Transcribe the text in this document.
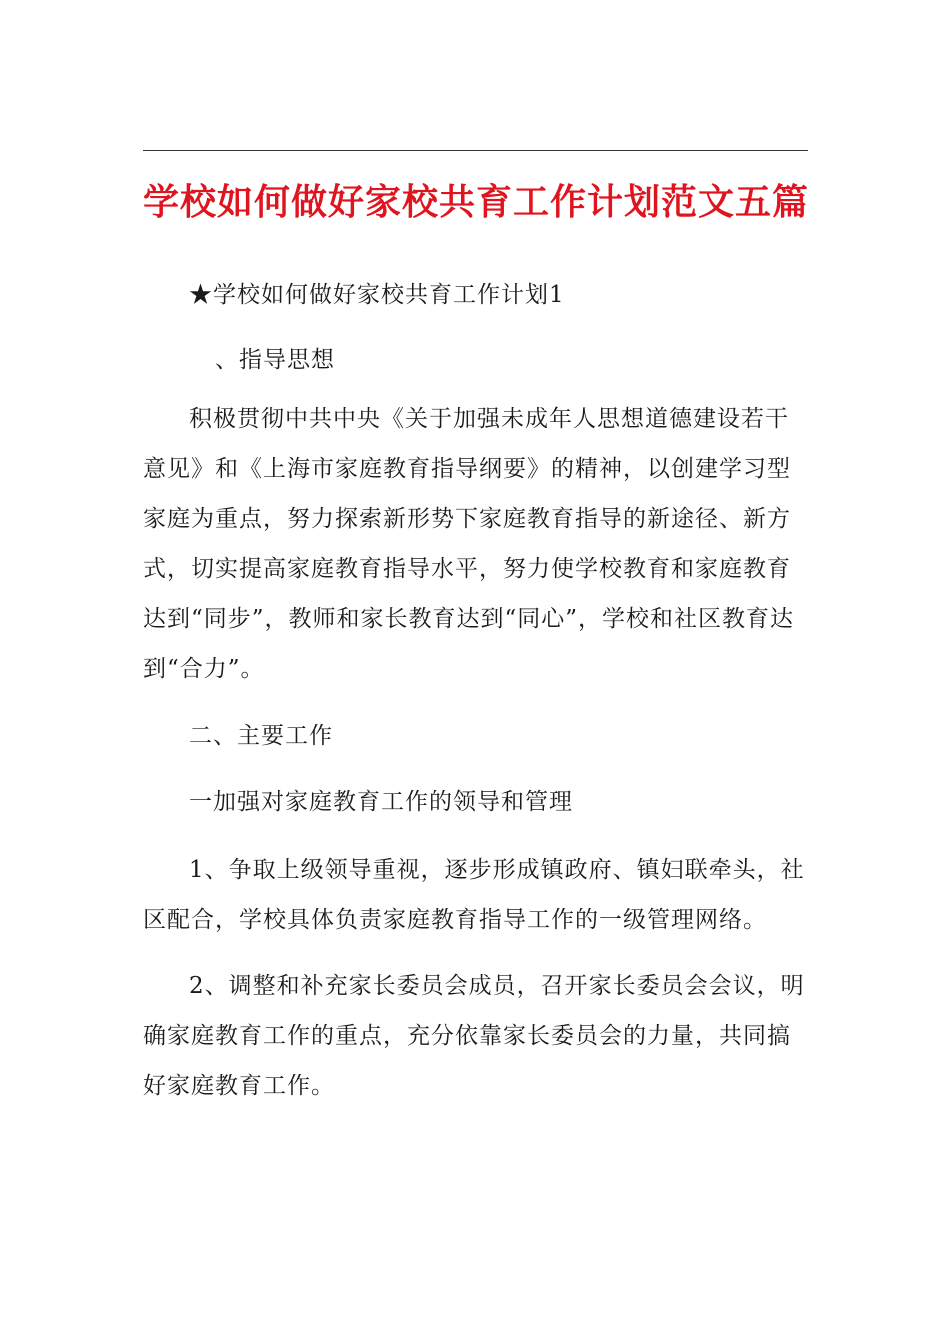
学校如何做好家校共育工作计划范文五篇

★学校如何做好家校共育工作计划1

、指导思想

积极贯彻中共中央《关于加强未成年人思想道德建设若干意见》和《上海市家庭教育指导纲要》的精神，以创建学习型家庭为重点，努力探索新形势下家庭教育指导的新途径、新方式，切实提高家庭教育指导水平，努力使学校教育和家庭教育达到“同步”，教师和家长教育达到“同心”，学校和社区教育达到“合力”。

二、主要工作

一加强对家庭教育工作的领导和管理

1、争取上级领导重视，逐步形成镇政府、镇妇联牵头，社区配合，学校具体负责家庭教育指导工作的一级管理网络。

2、调整和补充家长委员会成员，召开家长委员会会议，明确家庭教育工作的重点，充分依靠家长委员会的力量，共同搞好家庭教育工作。
